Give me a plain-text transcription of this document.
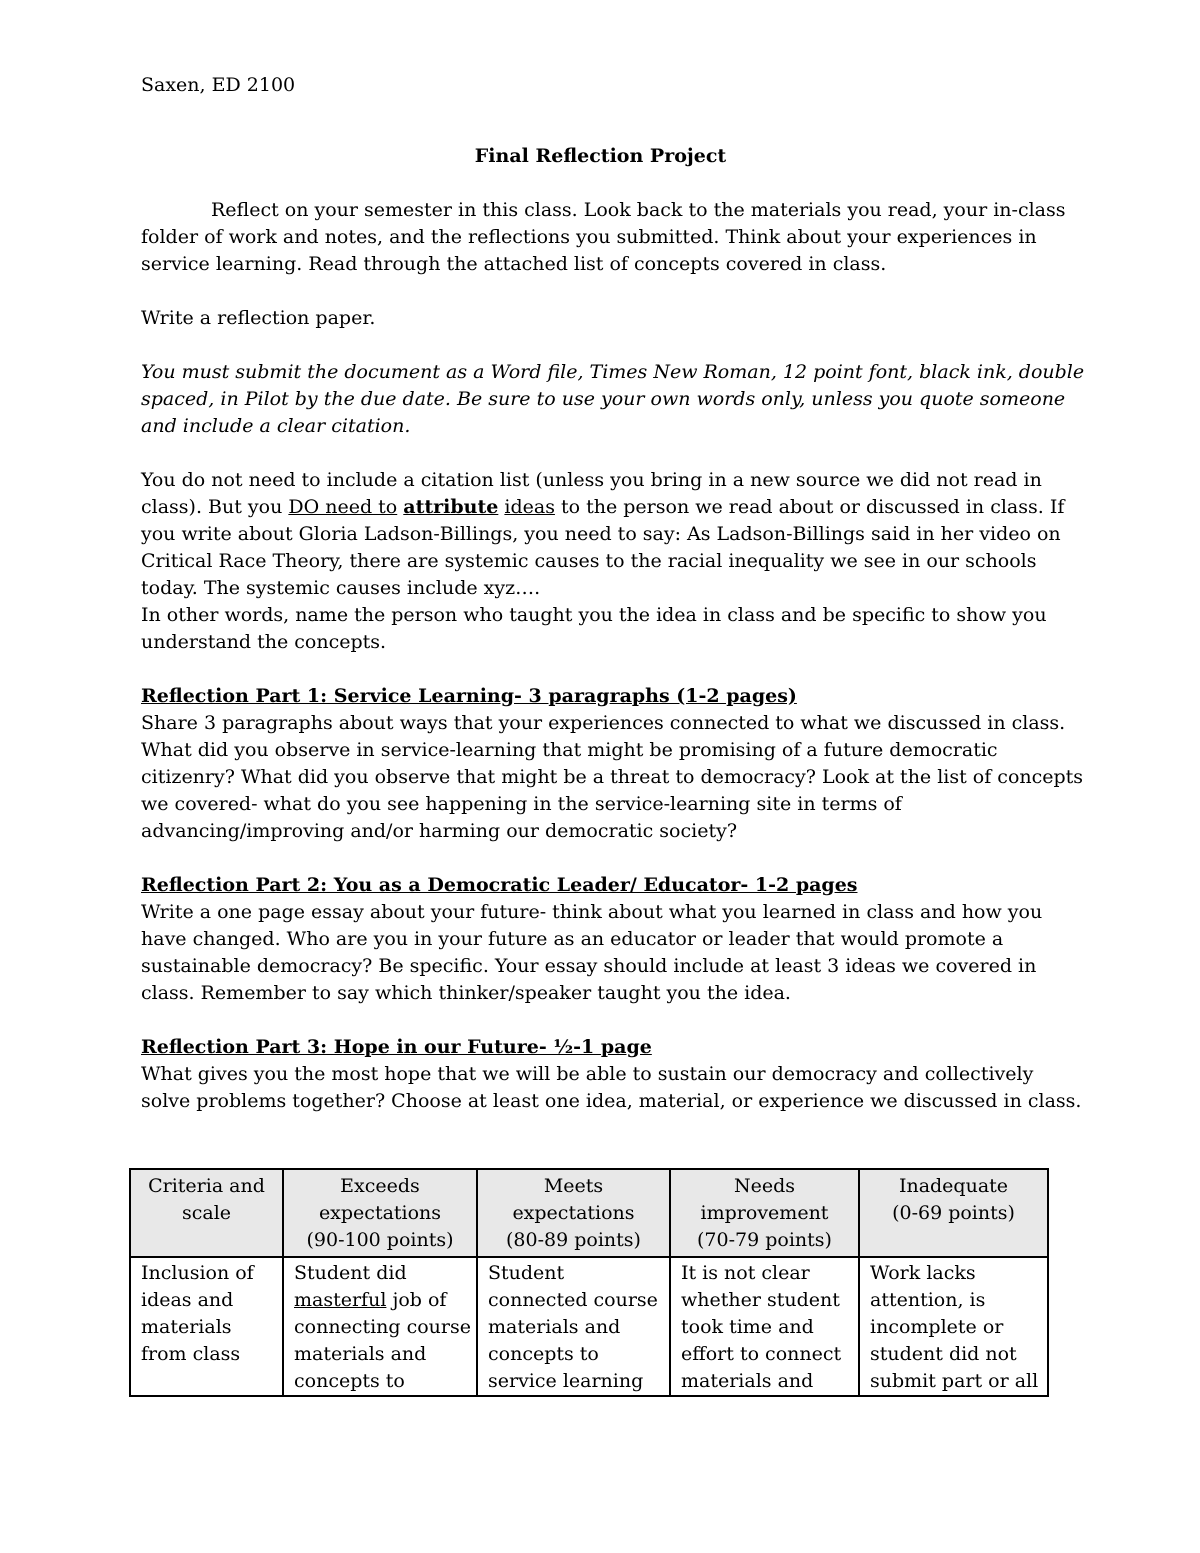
Saxen, ED 2100
Final Reflection Project
Reflect on your semester in this class. Look back to the materials you read, your in-class
folder of work and notes, and the reflections you submitted. Think about your experiences in
service learning. Read through the attached list of concepts covered in class.
Write a reflection paper.
You must submit the document as a Word file, Times New Roman, 12 point font, black ink, double
spaced, in Pilot by the due date. Be sure to use your own words only, unless you quote someone
and include a clear citation.
You do not need to include a citation list (unless you bring in a new source we did not read in
class). But you DO need to attribute ideas to the person we read about or discussed in class. If
you write about Gloria Ladson-Billings, you need to say: As Ladson-Billings said in her video on
Critical Race Theory, there are systemic causes to the racial inequality we see in our schools
today. The systemic causes include xyz….
In other words, name the person who taught you the idea in class and be specific to show you
understand the concepts.
Reflection Part 1: Service Learning- 3 paragraphs (1-2 pages)
Share 3 paragraphs about ways that your experiences connected to what we discussed in class.
What did you observe in service-learning that might be promising of a future democratic
citizenry? What did you observe that might be a threat to democracy? Look at the list of concepts
we covered- what do you see happening in the service-learning site in terms of
advancing/improving and/or harming our democratic society?
Reflection Part 2: You as a Democratic Leader/ Educator- 1-2 pages
Write a one page essay about your future- think about what you learned in class and how you
have changed. Who are you in your future as an educator or leader that would promote a
sustainable democracy? Be specific. Your essay should include at least 3 ideas we covered in
class. Remember to say which thinker/speaker taught you the idea.
Reflection Part 3: Hope in our Future- ½-1 page
What gives you the most hope that we will be able to sustain our democracy and collectively
solve problems together? Choose at least one idea, material, or experience we discussed in class.
Criteria and
scale	Exceeds
expectations
(90-100 points)	Meets
expectations
(80-89 points)	Needs
improvement
(70-79 points)	Inadequate
(0-69 points)

Inclusion of
ideas and
materials
from class	Student did
masterful job of
connecting course
materials and
concepts to	Student
connected course
materials and
concepts to
service learning	It is not clear
whether student
took time and
effort to connect
materials and	Work lacks
attention, is
incomplete or
student did not
submit part or all
